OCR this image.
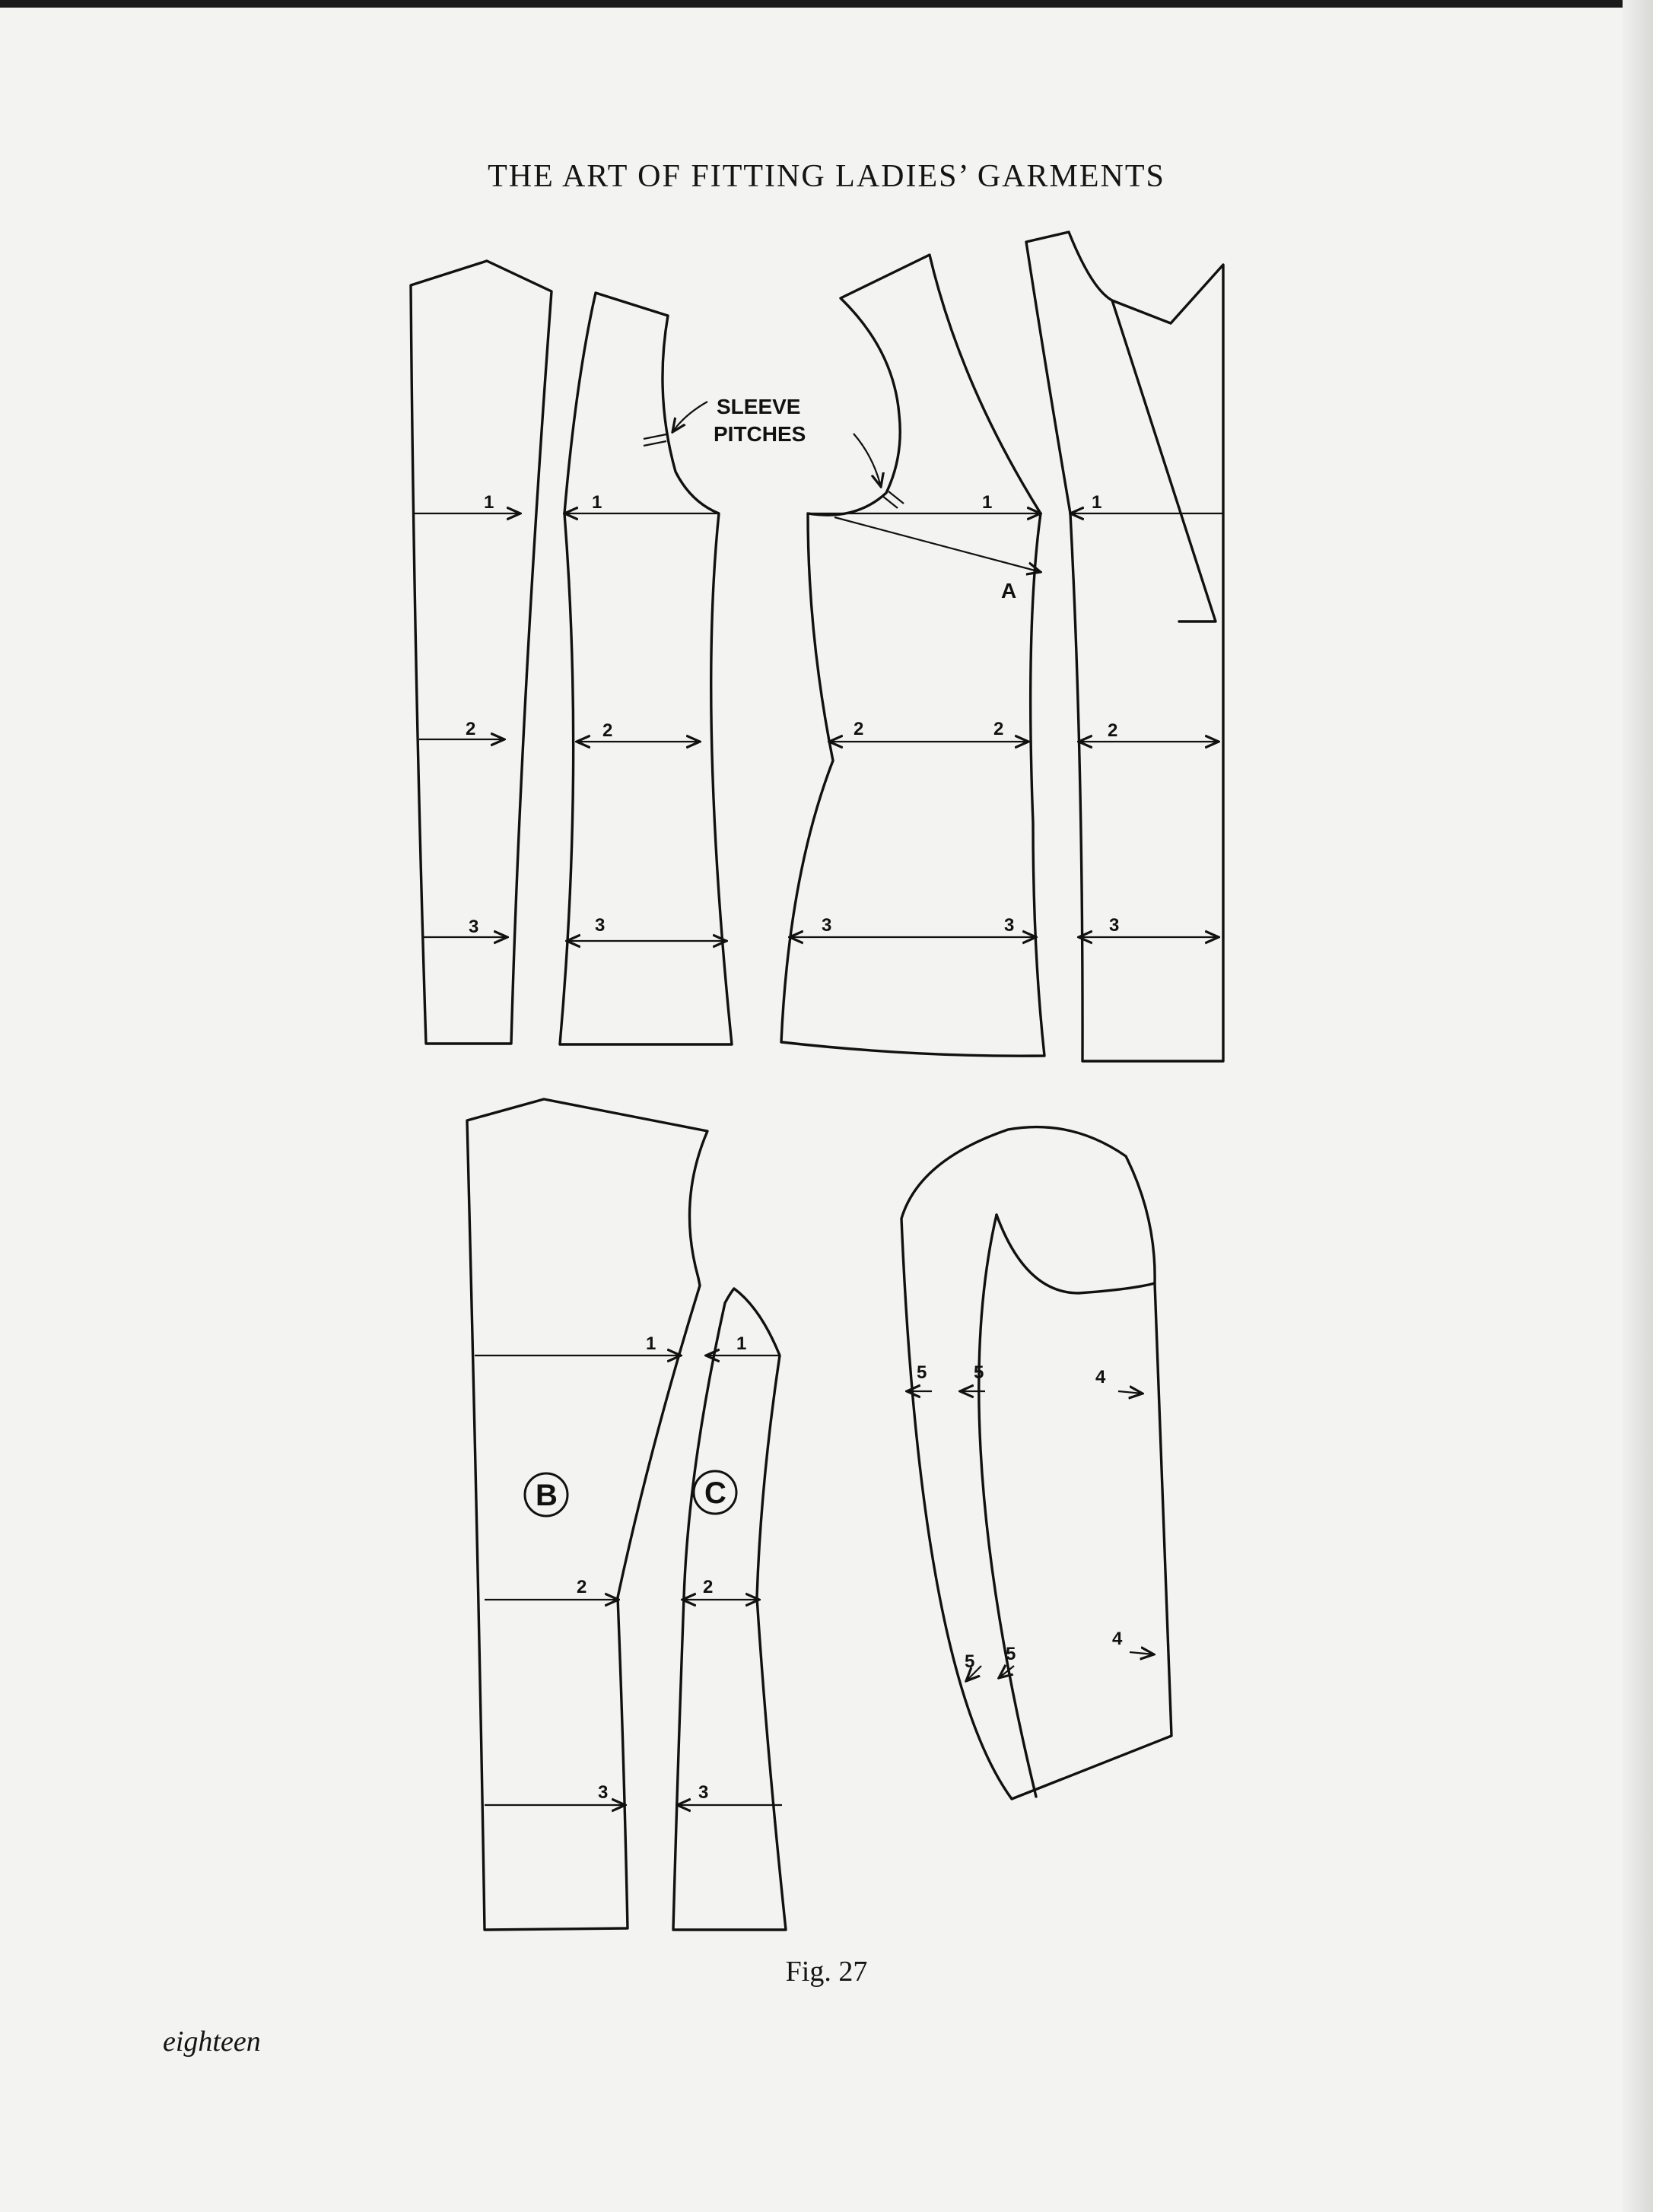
THE ART OF FITTING LADIES’ GARMENTS
SLEEVE
PITCHES
A
1
2
3
1
2
3
1
2	2
3	3
1
2
3
1
2
3
1
2
3
5	5	4
4
5 5
B	C
Fig. 27
eighteen
